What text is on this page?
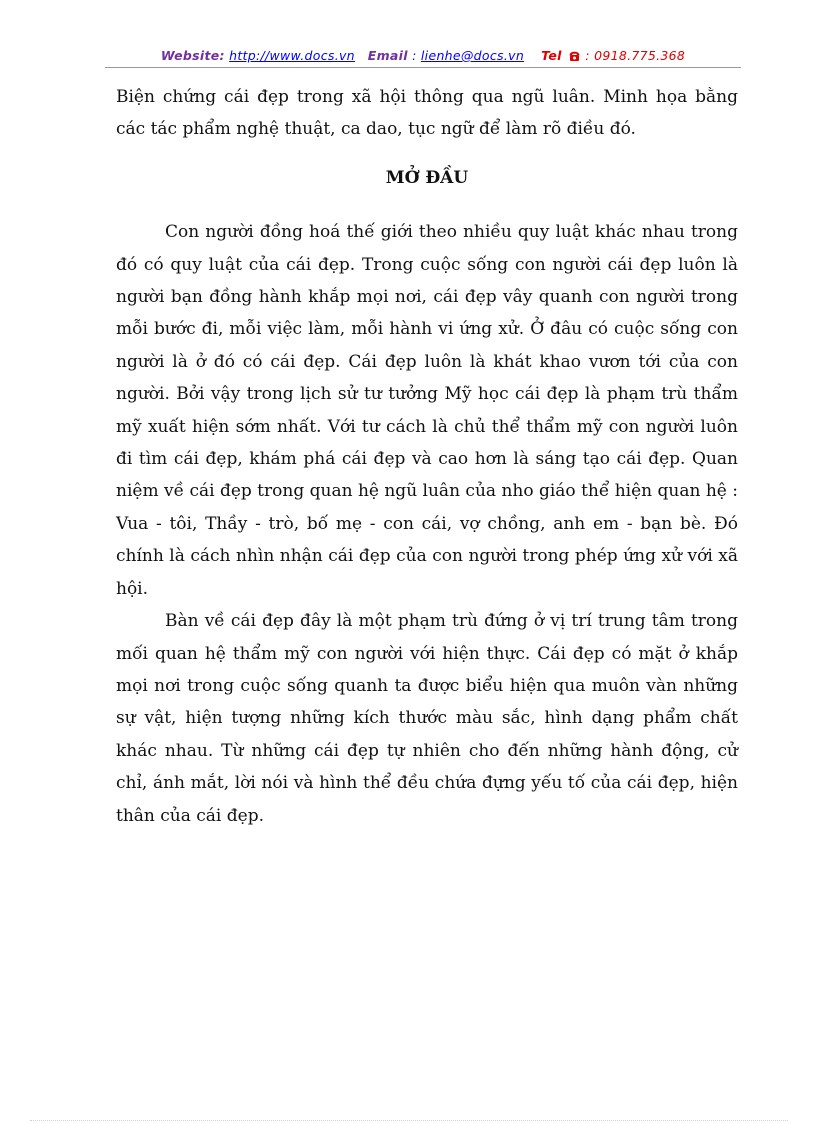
Website: http://www.docs.vn Email : lienhe@docs.vn Tel : 0918.775.368

Biện chứng cái đẹp trong xã hội thông qua ngũ luân. Minh họa bằng các tác phẩm nghệ thuật, ca dao, tục ngữ để làm rõ điều đó.

MỞ ĐẦU

Con người đồng hoá thế giới theo nhiều quy luật khác nhau trong đó có quy luật của cái đẹp. Trong cuộc sống con người cái đẹp luôn là người bạn đồng hành khắp mọi nơi, cái đẹp vây quanh con người trong mỗi bước đi, mỗi việc làm, mỗi hành vi ứng xử. Ở đâu có cuộc sống con người là ở đó có cái đẹp. Cái đẹp luôn là khát khao vươn tới của con người. Bởi vậy trong lịch sử tư tưởng Mỹ học cái đẹp là phạm trù thẩm mỹ xuất hiện sớm nhất. Với tư cách là chủ thể thẩm mỹ con người luôn đi tìm cái đẹp, khám phá cái đẹp và cao hơn là sáng tạo cái đẹp. Quan niệm về cái đẹp trong quan hệ ngũ luân của nho giáo thể hiện quan hệ : Vua - tôi, Thầy - trò, bố mẹ - con cái, vợ chồng, anh em - bạn bè. Đó chính là cách nhìn nhận cái đẹp của con người trong phép ứng xử với xã hội.

Bàn về cái đẹp đây là một phạm trù đứng ở vị trí trung tâm trong mối quan hệ thẩm mỹ con người với hiện thực. Cái đẹp có mặt ở khắp mọi nơi trong cuộc sống quanh ta được biểu hiện qua muôn vàn những sự vật, hiện tượng những kích thước màu sắc, hình dạng phẩm chất khác nhau. Từ những cái đẹp tự nhiên cho đến những hành động, cử chỉ, ánh mắt, lời nói và hình thể đều chứa đựng yếu tố của cái đẹp, hiện thân của cái đẹp.
